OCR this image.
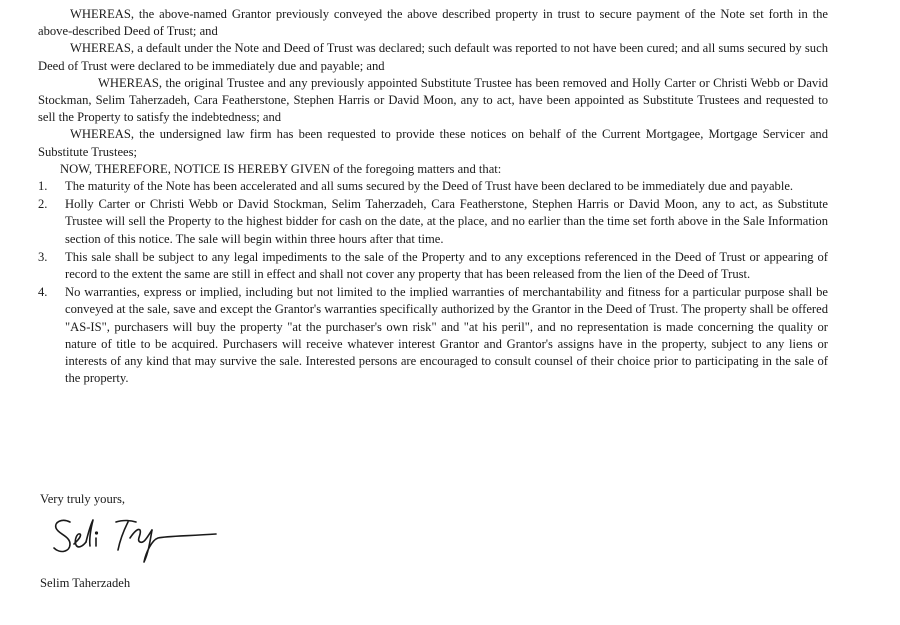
WHEREAS, the above-named Grantor previously conveyed the above described property in trust to secure payment of the Note set forth in the above-described Deed of Trust; and

WHEREAS, a default under the Note and Deed of Trust was declared; such default was reported to not have been cured; and all sums secured by such Deed of Trust were declared to be immediately due and payable; and

WHEREAS, the original Trustee and any previously appointed Substitute Trustee has been removed and Holly Carter or Christi Webb or David Stockman, Selim Taherzadeh, Cara Featherstone, Stephen Harris or David Moon, any to act, have been appointed as Substitute Trustees and requested to sell the Property to satisfy the indebtedness; and

WHEREAS, the undersigned law firm has been requested to provide these notices on behalf of the Current Mortgagee, Mortgage Servicer and Substitute Trustees;

NOW, THEREFORE, NOTICE IS HEREBY GIVEN of the foregoing matters and that:

1. The maturity of the Note has been accelerated and all sums secured by the Deed of Trust have been declared to be immediately due and payable.
2. Holly Carter or Christi Webb or David Stockman, Selim Taherzadeh, Cara Featherstone, Stephen Harris or David Moon, any to act, as Substitute Trustee will sell the Property to the highest bidder for cash on the date, at the place, and no earlier than the time set forth above in the Sale Information section of this notice. The sale will begin within three hours after that time.
3. This sale shall be subject to any legal impediments to the sale of the Property and to any exceptions referenced in the Deed of Trust or appearing of record to the extent the same are still in effect and shall not cover any property that has been released from the lien of the Deed of Trust.
4. No warranties, express or implied, including but not limited to the implied warranties of merchantability and fitness for a particular purpose shall be conveyed at the sale, save and except the Grantor's warranties specifically authorized by the Grantor in the Deed of Trust. The property shall be offered "AS-IS", purchasers will buy the property "at the purchaser's own risk" and "at his peril", and no representation is made concerning the quality or nature of title to be acquired. Purchasers will receive whatever interest Grantor and Grantor's assigns have in the property, subject to any liens or interests of any kind that may survive the sale. Interested persons are encouraged to consult counsel of their choice prior to participating in the sale of the property.
Very truly yours,
Selim Taherzadeh
